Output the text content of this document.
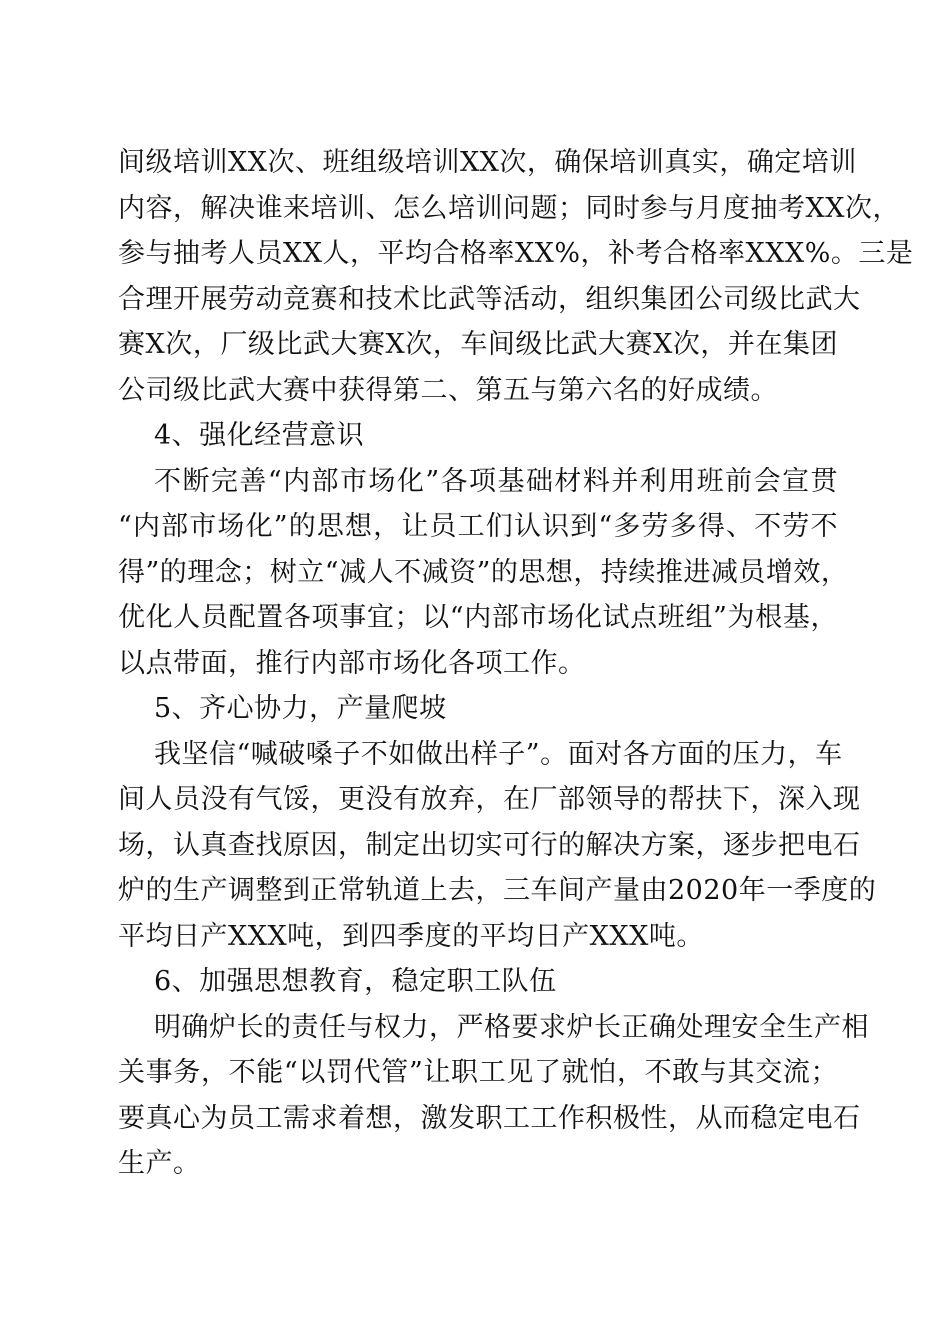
间级培训XX次、班组级培训XX次，确保培训真实，确定培训
内容，解决谁来培训、怎么培训问题；同时参与月度抽考XX次，
参与抽考人员XX人，平均合格率XX%，补考合格率XXX%。三是
合理开展劳动竞赛和技术比武等活动，组织集团公司级比武大
赛X次，厂级比武大赛X次，车间级比武大赛X次，并在集团
公司级比武大赛中获得第二、第五与第六名的好成绩。
4、强化经营意识
不断完善“内部市场化”各项基础材料并利用班前会宣贯
“内部市场化”的思想，让员工们认识到“多劳多得、不劳不
得”的理念；树立“减人不减资”的思想，持续推进减员增效，
优化人员配置各项事宜；以“内部市场化试点班组”为根基，
以点带面，推行内部市场化各项工作。
5、齐心协力，产量爬坡
我坚信“喊破嗓子不如做出样子”。面对各方面的压力，车
间人员没有气馁，更没有放弃，在厂部领导的帮扶下，深入现
场，认真查找原因，制定出切实可行的解决方案，逐步把电石
炉的生产调整到正常轨道上去，三车间产量由2020年一季度的
平均日产XXX吨，到四季度的平均日产XXX吨。
6、加强思想教育，稳定职工队伍
明确炉长的责任与权力，严格要求炉长正确处理安全生产相
关事务，不能“以罚代管”让职工见了就怕，不敢与其交流；
要真心为员工需求着想，激发职工工作积极性，从而稳定电石
生产。
